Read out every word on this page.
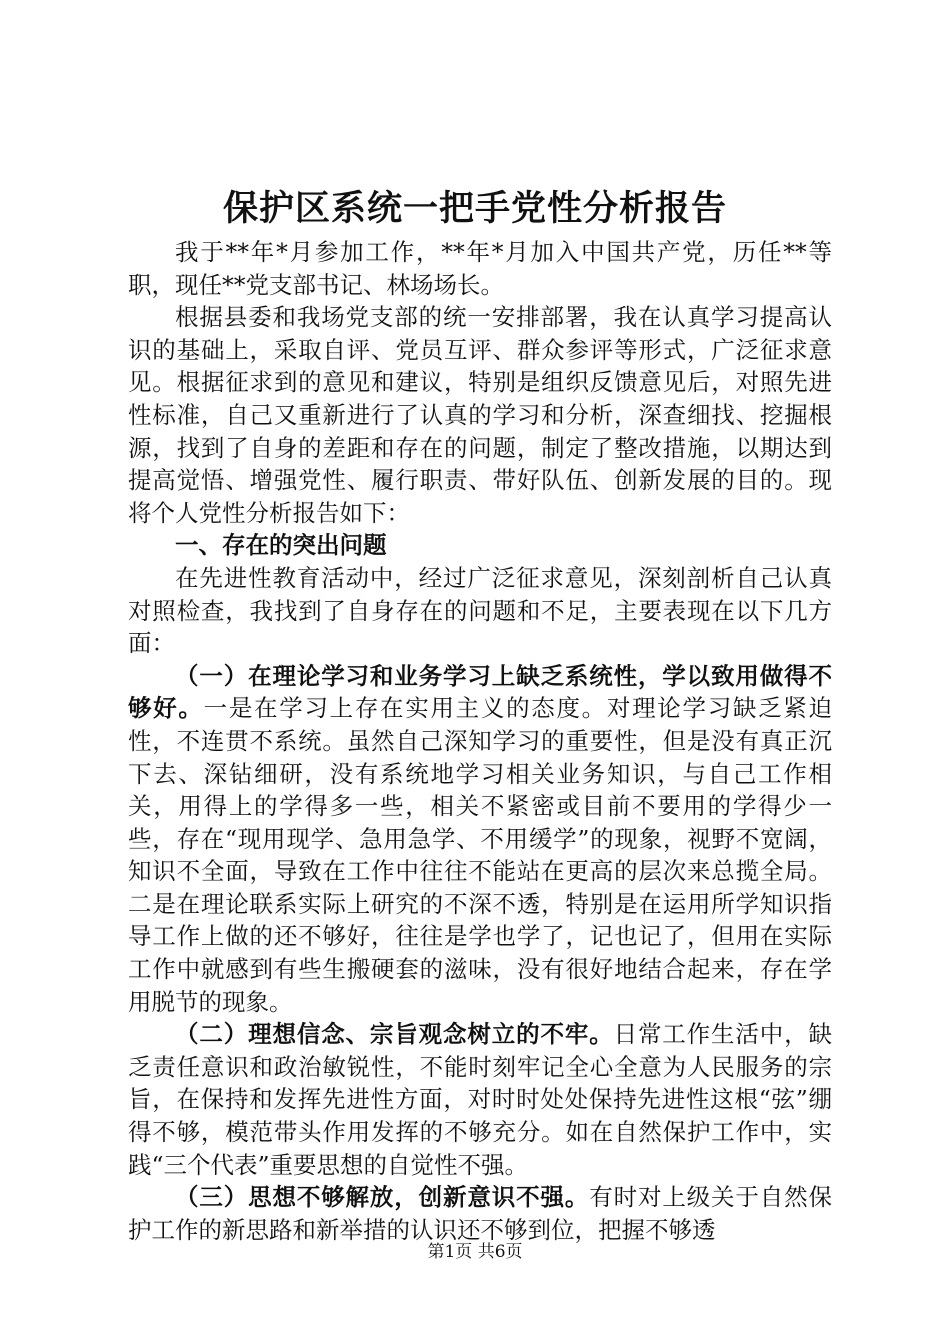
保护区系统一把手党性分析报告

我于**年*月参加工作，**年*月加入中国共产党，历任**等职，现任**党支部书记、林场场长。

根据县委和我场党支部的统一安排部署，我在认真学习提高认识的基础上，采取自评、党员互评、群众参评等形式，广泛征求意见。根据征求到的意见和建议，特别是组织反馈意见后，对照先进性标准，自己又重新进行了认真的学习和分析，深查细找、挖掘根源，找到了自身的差距和存在的问题，制定了整改措施，以期达到提高觉悟、增强党性、履行职责、带好队伍、创新发展的目的。现将个人党性分析报告如下：

一、存在的突出问题

在先进性教育活动中，经过广泛征求意见，深刻剖析自己认真对照检查，我找到了自身存在的问题和不足，主要表现在以下几方面：

（一）在理论学习和业务学习上缺乏系统性，学以致用做得不够好。一是在学习上存在实用主义的态度。对理论学习缺乏紧迫性，不连贯不系统。虽然自己深知学习的重要性，但是没有真正沉下去、深钻细研，没有系统地学习相关业务知识，与自己工作相关，用得上的学得多一些，相关不紧密或目前不要用的学得少一些，存在“现用现学、急用急学、不用缓学”的现象，视野不宽阔，知识不全面，导致在工作中往往不能站在更高的层次来总揽全局。二是在理论联系实际上研究的不深不透，特别是在运用所学知识指导工作上做的还不够好，往往是学也学了，记也记了，但用在实际工作中就感到有些生搬硬套的滋味，没有很好地结合起来，存在学用脱节的现象。

（二）理想信念、宗旨观念树立的不牢。日常工作生活中，缺乏责任意识和政治敏锐性，不能时刻牢记全心全意为人民服务的宗旨，在保持和发挥先进性方面，对时时处处保持先进性这根“弦”绷得不够，模范带头作用发挥的不够充分。如在自然保护工作中，实践“三个代表”重要思想的自觉性不强。

（三）思想不够解放，创新意识不强。有时对上级关于自然保护工作的新思路和新举措的认识还不够到位，把握不够透

第1页 共6页
